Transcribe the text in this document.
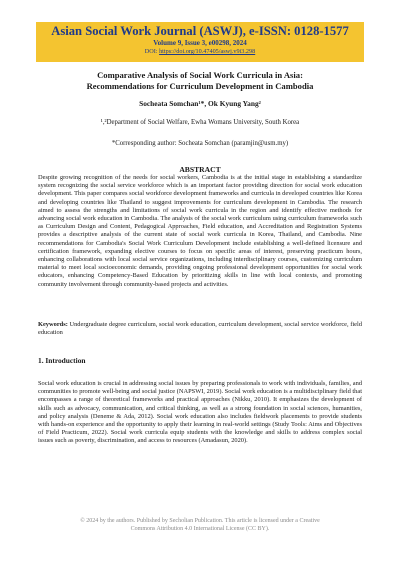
Asian Social Work Journal (ASWJ), e-ISSN: 0128-1577
Volume 9, Issue 3, e00298, 2024
DOI: https://doi.org/10.47405/aswj.v9i3.298
Comparative Analysis of Social Work Curricula in Asia:
Recommendations for Curriculum Development in Cambodia
Socheata Somchan¹*, Ok Kyung Yang²
¹,²Department of Social Welfare, Ewha Womans University, South Korea
*Corresponding author: Socheata Somchan (paramjin@usm.my)
ABSTRACT
Despite growing recognition of the needs for social workers, Cambodia is at the initial stage in establishing a standardize system recognizing the social service workforce which is an important factor providing direction for social work education development. This paper compares social workforce development frameworks and curricula in developed countries like Korea and developing countries like Thailand to suggest improvements for curriculum development in Cambodia. The research aimed to assess the strengths and limitations of social work curricula in the region and identify effective methods for advancing social work education in Cambodia. The analysis of the social work curriculum using curriculum frameworks such as Curriculum Design and Content, Pedagogical Approaches, Field education, and Accreditation and Registration Systems provides a descriptive analysis of the current state of social work curricula in Korea, Thailand, and Cambodia. Nine recommendations for Cambodia's Social Work Curriculum Development include establishing a well-defined licensure and certification framework, expanding elective courses to focus on specific areas of interest, preserving practicum hours, enhancing collaborations with local social service organizations, including interdisciplinary courses, customizing curriculum material to meet local socioeconomic demands, providing ongoing professional development opportunities for social work educators, enhancing Competency-Based Education by prioritizing skills in line with local contexts, and promoting community involvement through community-based projects and activities.
Keywords: Undergraduate degree curriculum, social work education, curriculum development, social service workforce, field education
1. Introduction
Social work education is crucial in addressing social issues by preparing professionals to work with individuals, families, and communities to promote well-being and social justice (NAPSWI, 2019). Social work education is a multidisciplinary field that encompasses a range of theoretical frameworks and practical approaches (Nikku, 2010). It emphasizes the development of skills such as advocacy, communication, and critical thinking, as well as a strong foundation in social sciences, humanities, and policy analysis (Deneme & Ada, 2012). Social work education also includes fieldwork placements to provide students with hands-on experience and the opportunity to apply their learning in real-world settings (Study Tools: Aims and Objectives of Field Practicum, 2022). Social work curricula equip students with the knowledge and skills to address complex social issues such as poverty, discrimination, and access to resources (Amadasun, 2020).
© 2024 by the authors. Published by Secholian Publication. This article is licensed under a Creative
Commons Attribution 4.0 International License (CC BY).
